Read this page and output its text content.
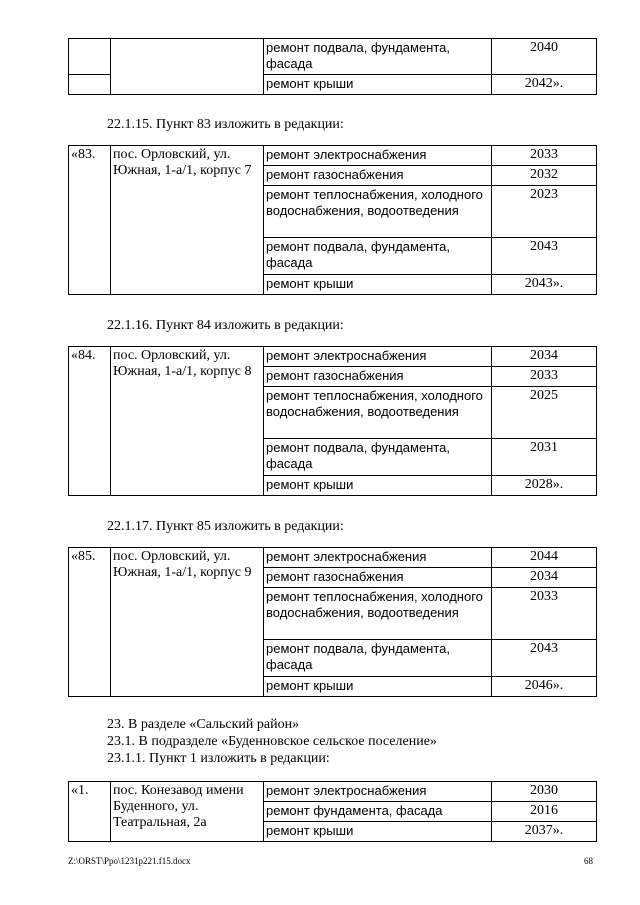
		ремонт подвала, фундамента, фасада	2040
		ремонт крыши	2042».
22.1.15. Пункт 83 изложить в редакции:
«83.	пос. Орловский, ул. Южная, 1-а/1, корпус 7	ремонт электроснабжения	2033
		ремонт газоснабжения	2032
		ремонт теплоснабжения, холодного водоснабжения, водоотведения	2023
		ремонт подвала, фундамента, фасада	2043
		ремонт крыши	2043».
22.1.16. Пункт 84 изложить в редакции:
«84.	пос. Орловский, ул. Южная, 1-а/1, корпус 8	ремонт электроснабжения	2034
		ремонт газоснабжения	2033
		ремонт теплоснабжения, холодного водоснабжения, водоотведения	2025
		ремонт подвала, фундамента, фасада	2031
		ремонт крыши	2028».
22.1.17. Пункт 85 изложить в редакции:
«85.	пос. Орловский, ул. Южная, 1-а/1, корпус 9	ремонт электроснабжения	2044
		ремонт газоснабжения	2034
		ремонт теплоснабжения, холодного водоснабжения, водоотведения	2033
		ремонт подвала, фундамента, фасада	2043
		ремонт крыши	2046».
23. В разделе «Сальский район»
23.1. В подразделе «Буденновское сельское поселение»
23.1.1. Пункт 1 изложить в редакции:
«1.	пос. Конезавод имени Буденного, ул. Театральная, 2а	ремонт электроснабжения	2030
		ремонт фундамента, фасада	2016
		ремонт крыши	2037».
Z:\ORST\Ppo\1231p221.f15.docx	68
